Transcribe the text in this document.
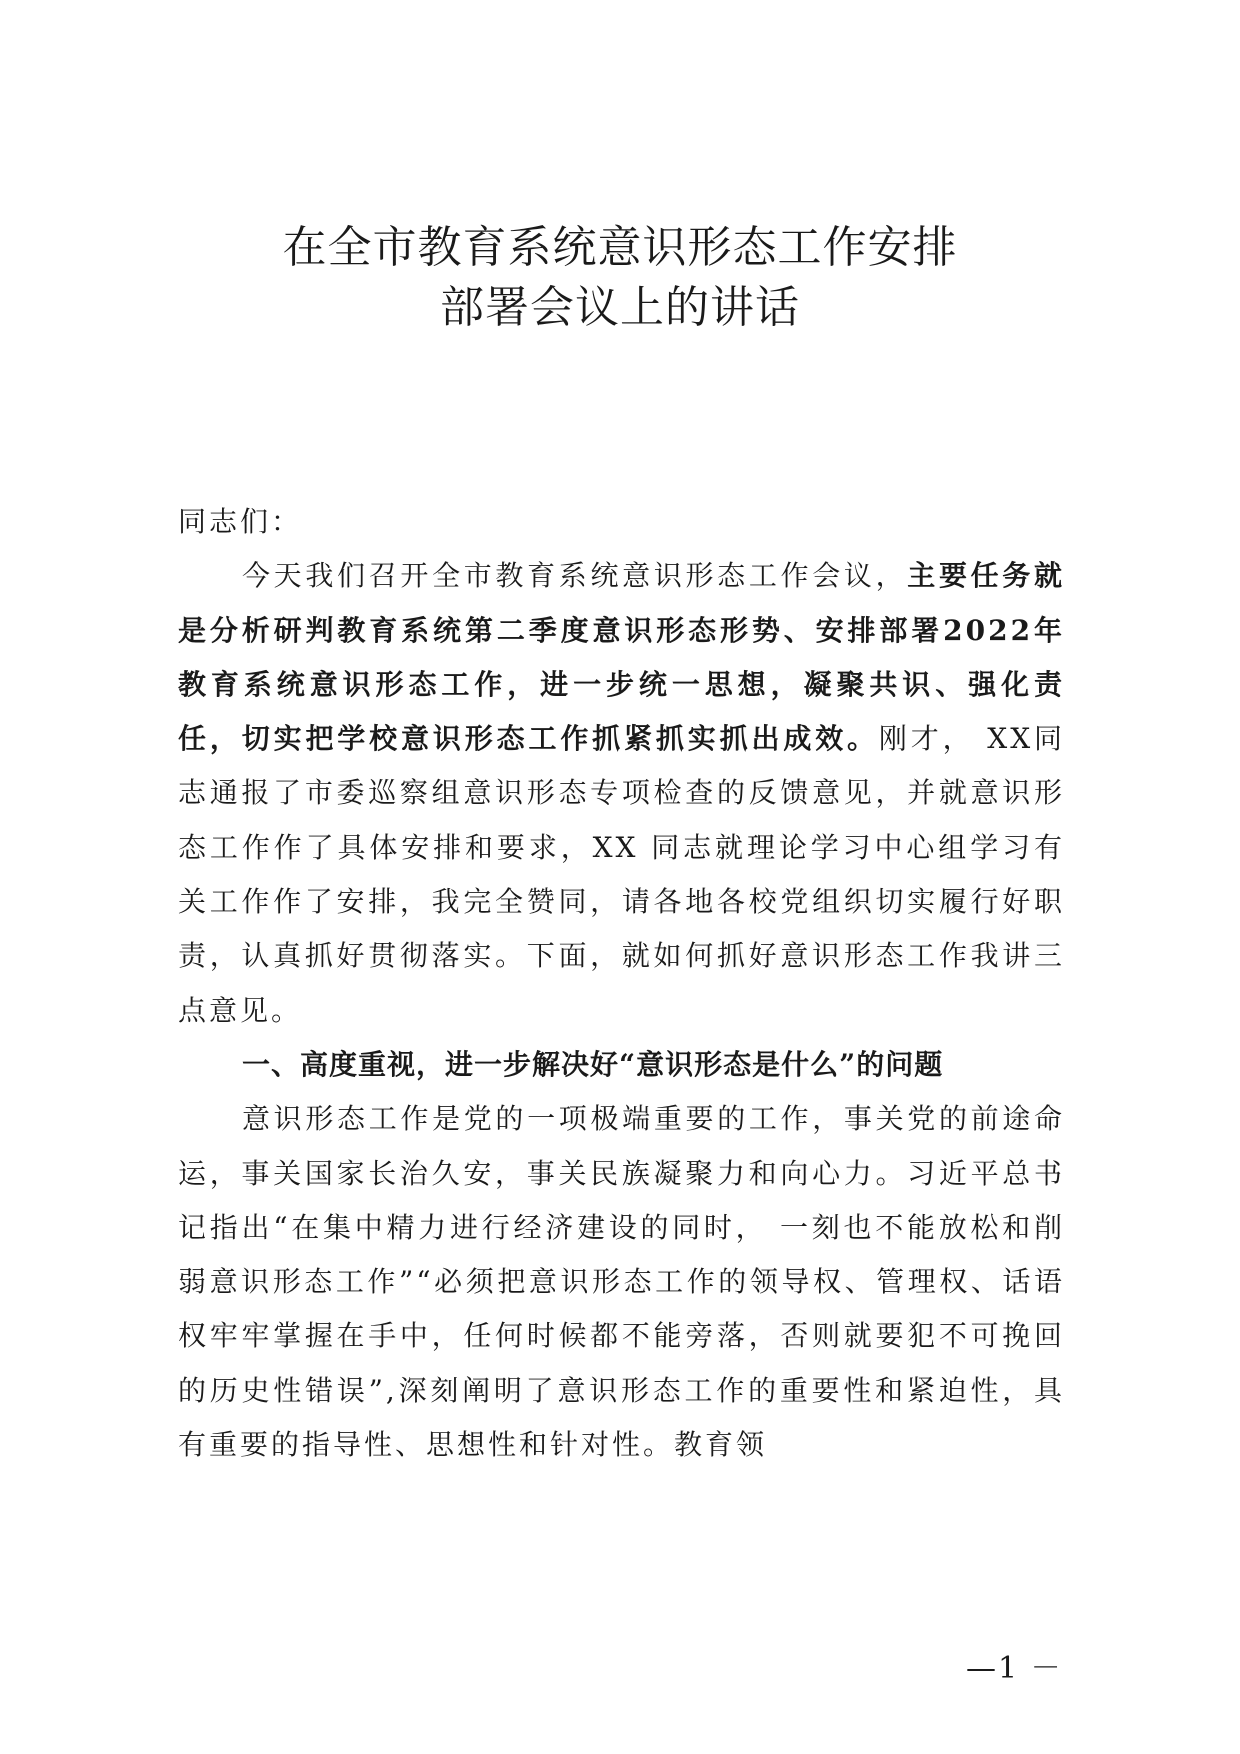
在全市教育系统意识形态工作安排
部署会议上的讲话

同志们：

今天我们召开全市教育系统意识形态工作会议，主要任务就是分析研判教育系统第二季度意识形态形势、安排部署2022年教育系统意识形态工作，进一步统一思想，凝聚共识、强化责任，切实把学校意识形态工作抓紧抓实抓出成效。刚才， XX同志通报了市委巡察组意识形态专项检查的反馈意见，并就意识形态工作作了具体安排和要求，XX 同志就理论学习中心组学习有关工作作了安排，我完全赞同，请各地各校党组织切实履行好职责，认真抓好贯彻落实。下面，就如何抓好意识形态工作我讲三点意见。

一、高度重视，进一步解决好“意识形态是什么”的问题

意识形态工作是党的一项极端重要的工作，事关党的前途命运，事关国家长治久安，事关民族凝聚力和向心力。习近平总书记指出“在集中精力进行经济建设的同时， 一刻也不能放松和削弱意识形态工作”“必须把意识形态工作的领导权、管理权、话语权牢牢掌握在手中，任何时候都不能旁落，否则就要犯不可挽回的历史性错误”,深刻阐明了意识形态工作的重要性和紧迫性，具有重要的指导性、思想性和针对性。教育领

—1 －
